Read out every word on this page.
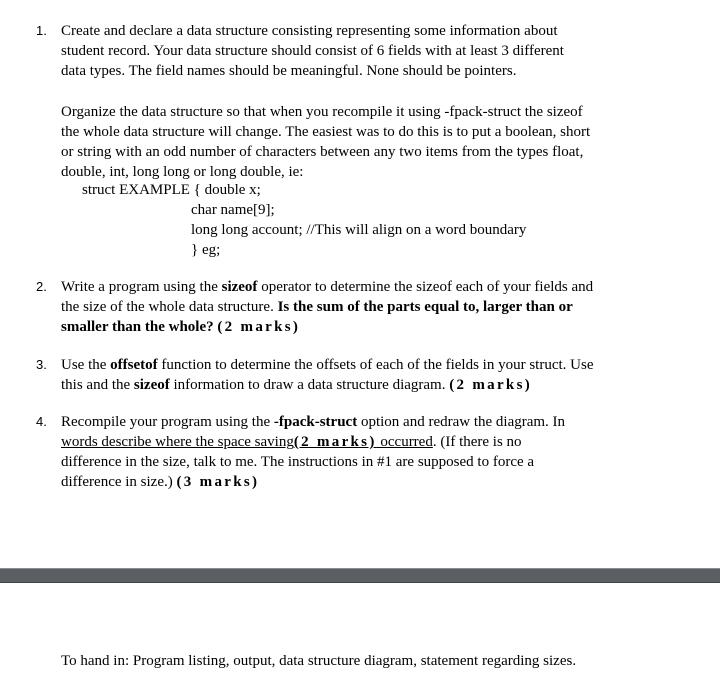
1. Create and declare a data structure consisting representing some information about
student record. Your data structure should consist of 6 fields with at least 3 different
data types. The field names should be meaningful. None should be pointers.
Organize the data structure so that when you recompile it using -fpack-struct the sizeof
the whole data structure will change. The easiest was to do this is to put a boolean, short
or string with an odd number of characters between any two items from the types float,
double, int, long long or long double, ie:
struct EXAMPLE { double x;
char name[9];
long long account; //This will align on a word boundary
} eg;
2. Write a program using the sizeof operator to determine the sizeof each of your fields and
the size of the whole data structure. Is the sum of the parts equal to, larger than or
smaller than the whole? (2 marks)
3. Use the offsetof function to determine the offsets of each of the fields in your struct. Use
this and the sizeof information to draw a data structure diagram. (2 marks)
4. Recompile your program using the -fpack-struct option and redraw the diagram. In
words describe where the space saving(2 marks) occurred. (If there is no
difference in the size, talk to me. The instructions in #1 are supposed to force a
difference in size.) (3 marks)
To hand in: Program listing, output, data structure diagram, statement regarding sizes.
